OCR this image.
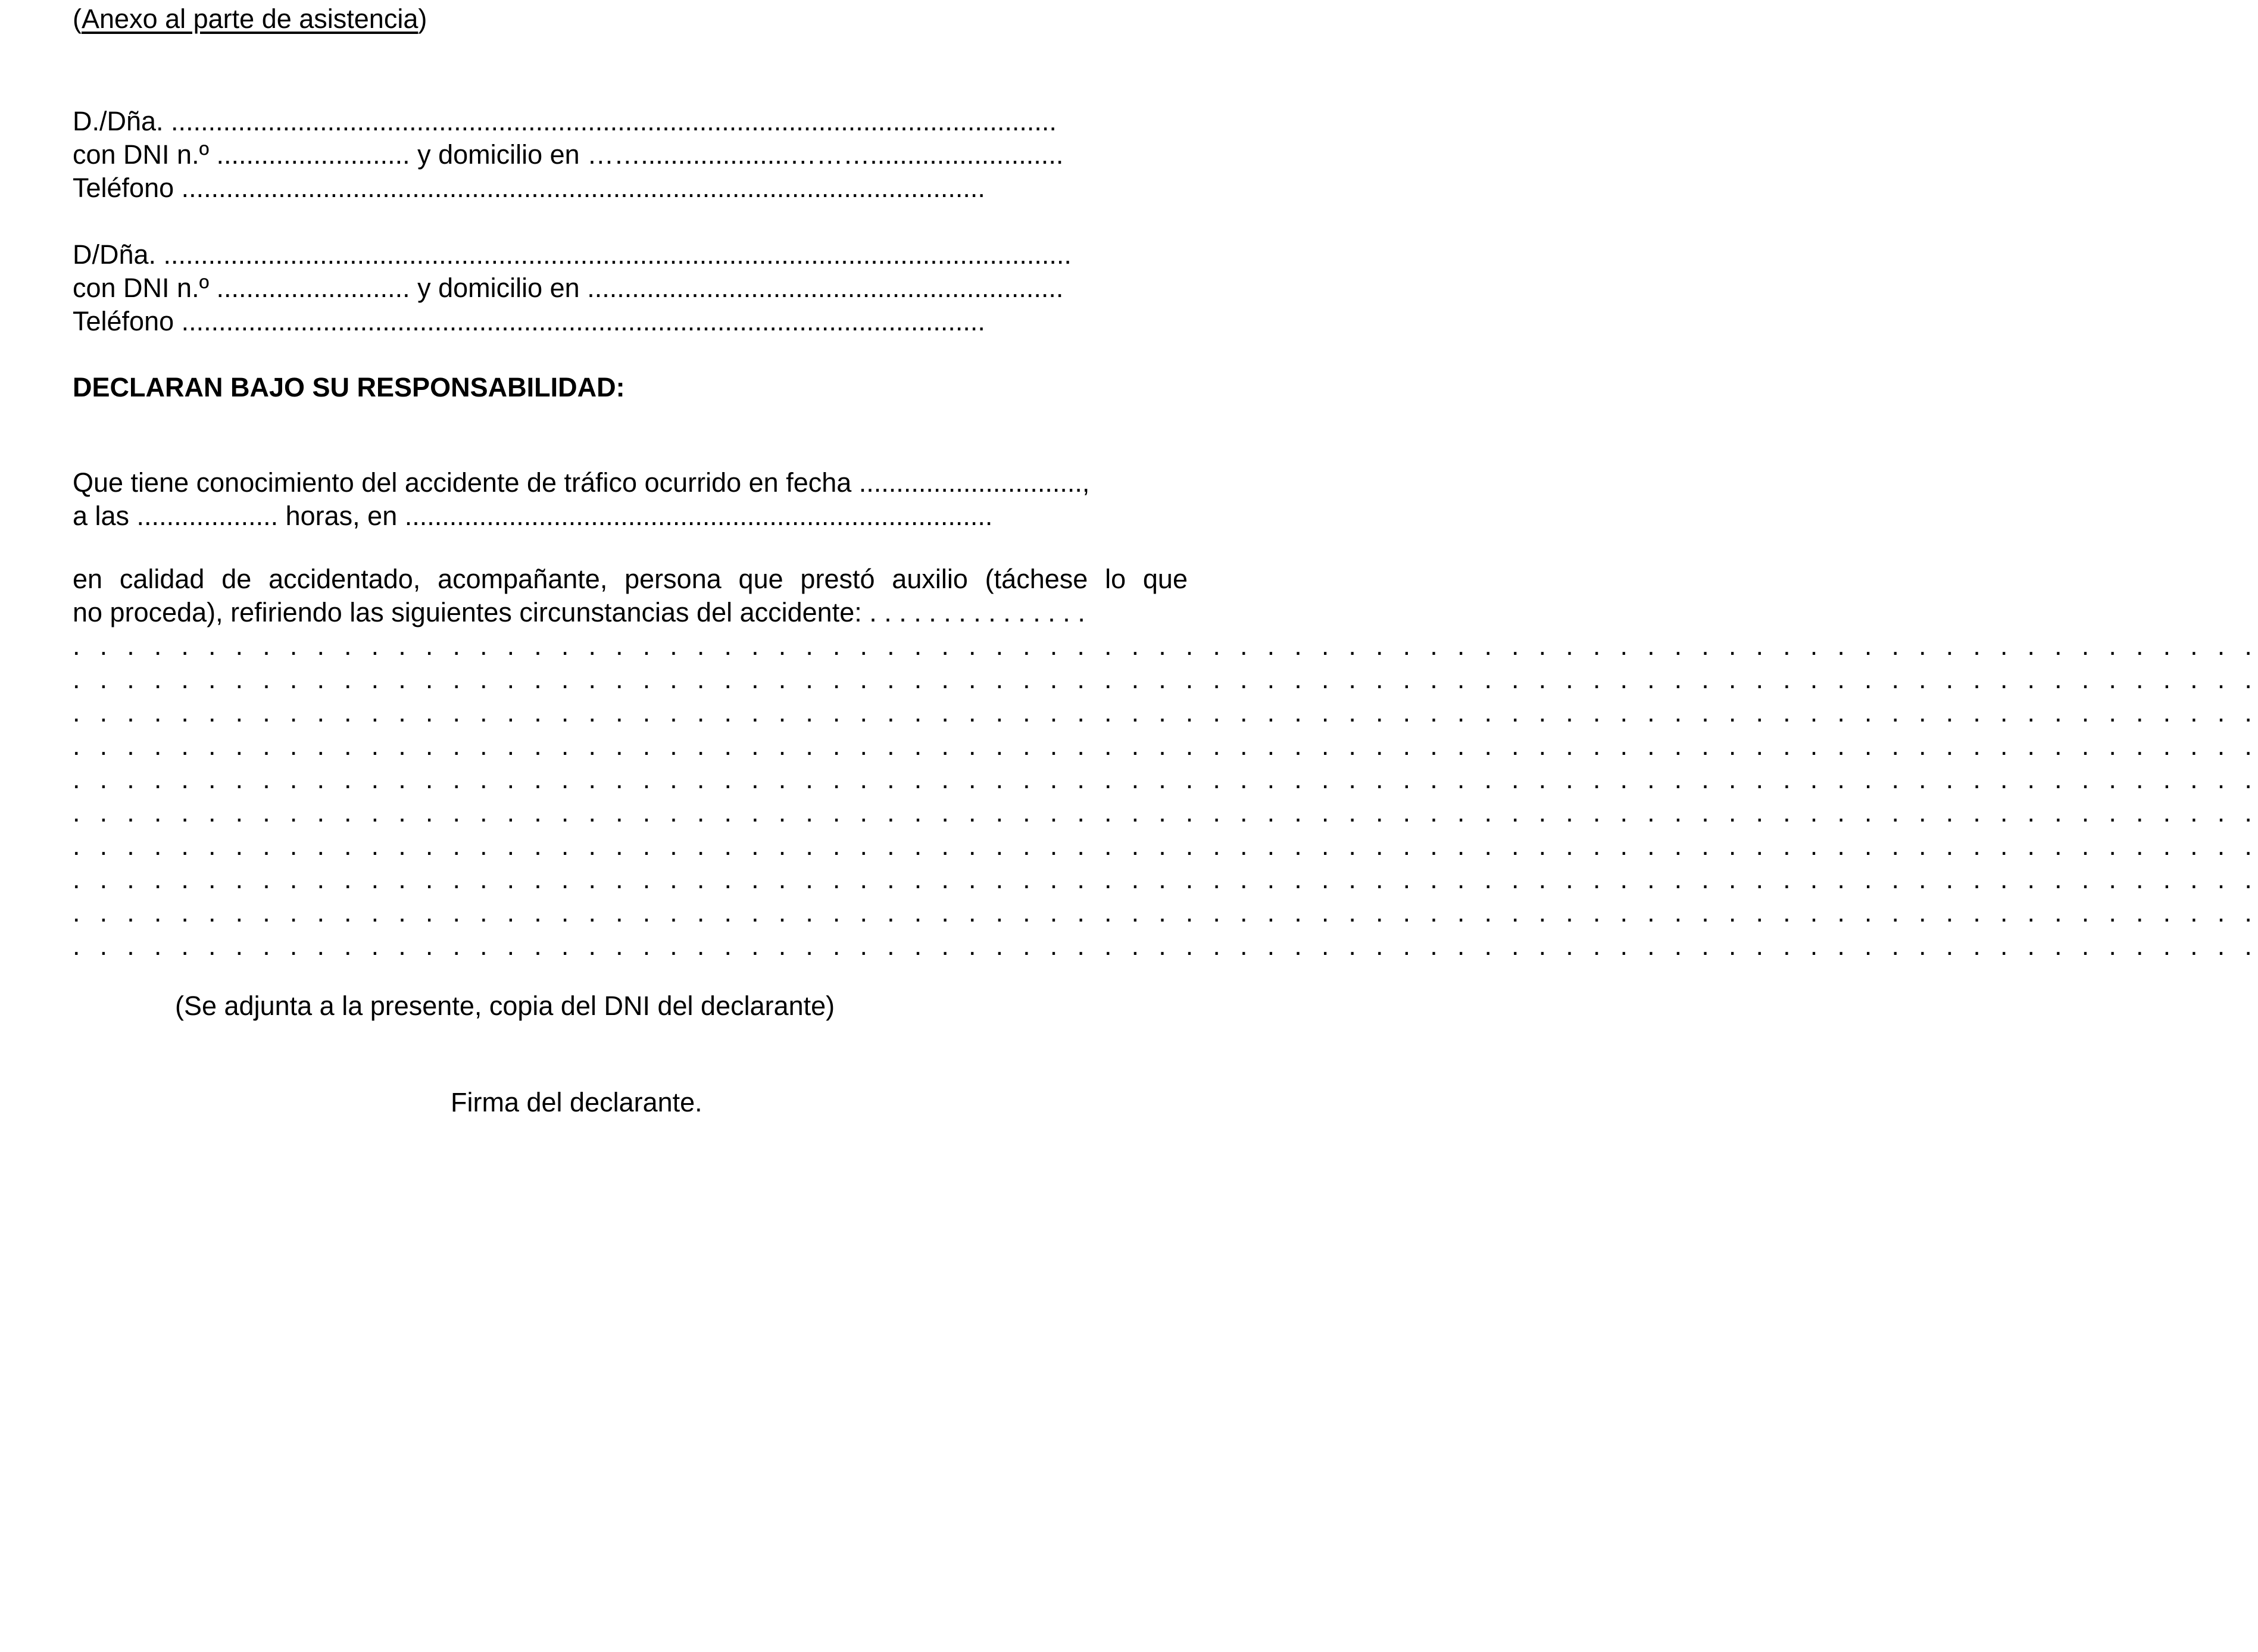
(Anexo al parte de asistencia)
D./Dña. .......................................................................................................................
con DNI n.º .......................... y domicilio en ……....................………..........................
Teléfono ............................................................................................................
D/Dña. ..........................................................................................................................
con DNI n.º .......................... y domicilio en ................................................................
Teléfono ............................................................................................................
DECLARAN BAJO SU RESPONSABILIDAD:
Que tiene conocimiento del accidente de tráfico ocurrido en fecha ..............................,
a las ................... horas, en ...............................................................................
en calidad de accidentado, acompañante, persona que prestó auxilio (táchese lo que
no proceda), refiriendo las siguientes circunstancias del accidente: . . . . . . . . . . . . . . .
. . . . . . . . . . . . . . . . . . . . . . . . . . . . . . . . . . . . . . . . . . . . . . . . . . . . . . . . . . . . . . . . . . . . . . . . . . . . . . . . .
. . . . . . . . . . . . . . . . . . . . . . . . . . . . . . . . . . . . . . . . . . . . . . . . . . . . . . . . . . . . . . . . . . . . . . . . . . . . . . . . .
. . . . . . . . . . . . . . . . . . . . . . . . . . . . . . . . . . . . . . . . . . . . . . . . . . . . . . . . . . . . . . . . . . . . . . . . . . . . . . . . .
. . . . . . . . . . . . . . . . . . . . . . . . . . . . . . . . . . . . . . . . . . . . . . . . . . . . . . . . . . . . . . . . . . . . . . . . . . . . . . . . .
. . . . . . . . . . . . . . . . . . . . . . . . . . . . . . . . . . . . . . . . . . . . . . . . . . . . . . . . . . . . . . . . . . . . . . . . . . . . . . . . .
. . . . . . . . . . . . . . . . . . . . . . . . . . . . . . . . . . . . . . . . . . . . . . . . . . . . . . . . . . . . . . . . . . . . . . . . . . . . . . . . .
. . . . . . . . . . . . . . . . . . . . . . . . . . . . . . . . . . . . . . . . . . . . . . . . . . . . . . . . . . . . . . . . . . . . . . . . . . . . . . . . .
. . . . . . . . . . . . . . . . . . . . . . . . . . . . . . . . . . . . . . . . . . . . . . . . . . . . . . . . . . . . . . . . . . . . . . . . . . . . . . . . .
. . . . . . . . . . . . . . . . . . . . . . . . . . . . . . . . . . . . . . . . . . . . . . . . . . . . . . . . . . . . . . . . . . . . . . . . . . . . . . . . .
. . . . . . . . . . . . . . . . . . . . . . . . . . . . . . . . . . . . . . . . . . . . . . . . . . . . . . . . . . . . . . . . . . . . . . . . . . . . . . . . .
(Se adjunta a la presente, copia del DNI del declarante)
Firma del declarante.
